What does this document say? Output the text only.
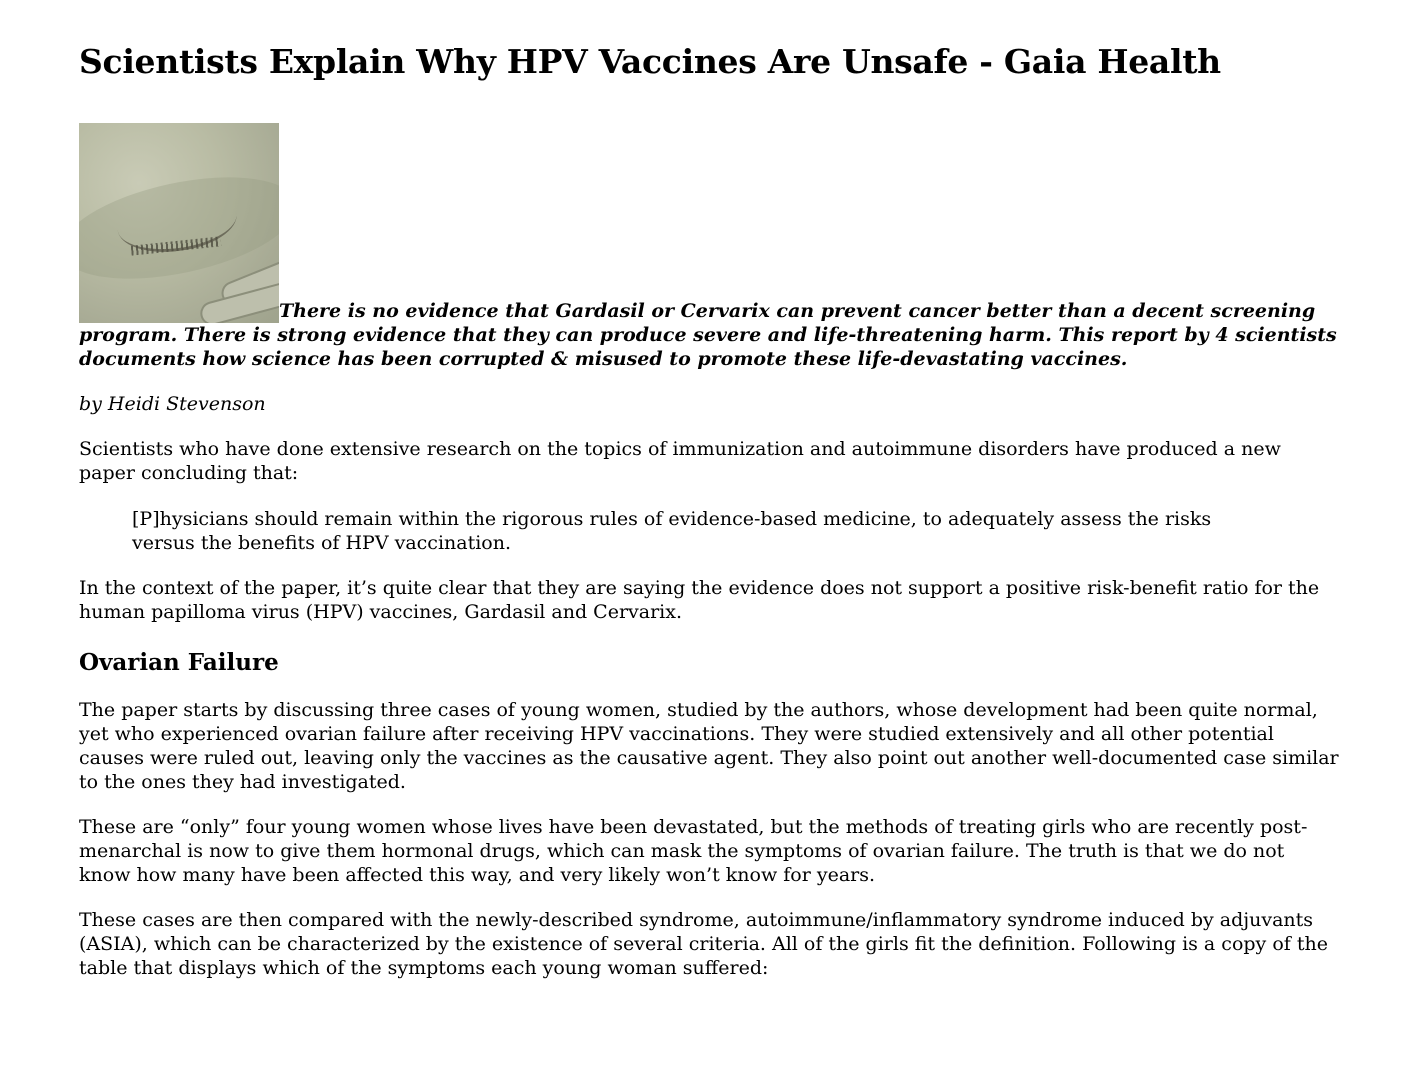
Scientists Explain Why HPV Vaccines Are Unsafe - Gaia Health
There is no evidence that Gardasil or Cervarix can prevent cancer better than a decent screening program. There is strong evidence that they can produce severe and life-threatening harm. This report by 4 scientists documents how science has been corrupted & misused to promote these life-devastating vaccines.
by Heidi Stevenson

Scientists who have done extensive research on the topics of immunization and autoimmune disorders have produced a new paper concluding that:

[P]hysicians should remain within the rigorous rules of evidence-based medicine, to adequately assess the risks versus the benefits of HPV vaccination.

In the context of the paper, it’s quite clear that they are saying the evidence does not support a positive risk-benefit ratio for the human papilloma virus (HPV) vaccines, Gardasil and Cervarix.

Ovarian Failure

The paper starts by discussing three cases of young women, studied by the authors, whose development had been quite normal, yet who experienced ovarian failure after receiving HPV vaccinations. They were studied extensively and all other potential causes were ruled out, leaving only the vaccines as the causative agent. They also point out another well-documented case similar to the ones they had investigated.

These are “only” four young women whose lives have been devastated, but the methods of treating girls who are recently post-menarchal is now to give them hormonal drugs, which can mask the symptoms of ovarian failure. The truth is that we do not know how many have been affected this way, and very likely won’t know for years.

These cases are then compared with the newly-described syndrome, autoimmune/inflammatory syndrome induced by adjuvants (ASIA), which can be characterized by the existence of several criteria. All of the girls fit the definition. Following is a copy of the table that displays which of the symptoms each young woman suffered:
